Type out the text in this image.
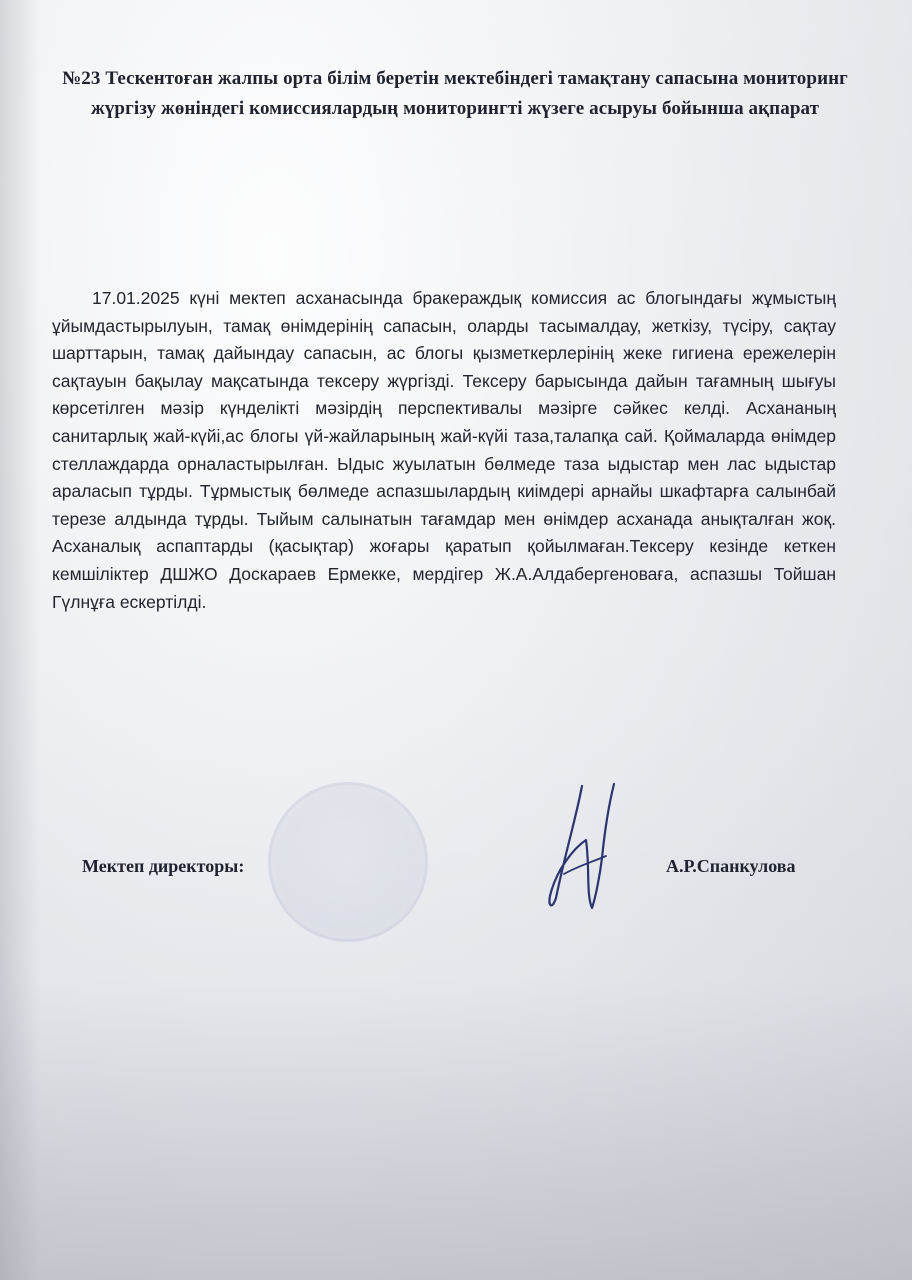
№23 Тескентоған жалпы орта білім беретін мектебіндегі тамақтану сапасына мониторинг жүргізу жөніндегі комиссиялардың мониторингті жүзеге асыруы бойынша ақпарат
17.01.2025 күні мектеп асханасында бракераждық комиссия ас блогындағы жұмыстың ұйымдастырылуын, тамақ өнімдерінің сапасын, оларды тасымалдау, жеткізу, түсіру, сақтау шарттарын, тамақ дайындау сапасын, ас блогы қызметкерлерінің жеке гигиена ережелерін сақтауын бақылау мақсатында тексеру жүргізді. Тексеру барысында дайын тағамның шығуы көрсетілген мәзір күнделікті мәзірдің перспективалы мәзірге сәйкес келді. Асхананың санитарлық жай-күйі,ас блогы үй-жайларының жай-күйі таза,талапқа сай. Қоймаларда өнімдер стеллаждарда орналастырылған. Ыдыс жуылатын бөлмеде таза ыдыстар мен лас ыдыстар араласып тұрды. Тұрмыстық бөлмеде аспазшылардың киімдері арнайы шкафтарға салынбай терезе алдында тұрды. Тыйым салынатын тағамдар мен өнімдер асханада анықталған жоқ. Асханалық аспаптарды (қасықтар) жоғары қаратып қойылмаған.Тексеру кезінде кеткен кемшіліктер ДШЖО Доскараев Ермекке, мердігер Ж.А.Алдабергеноваға, аспазшы Тойшан Гүлнұға ескертілді.
Мектеп директоры:	А.Р.Спанкулова
